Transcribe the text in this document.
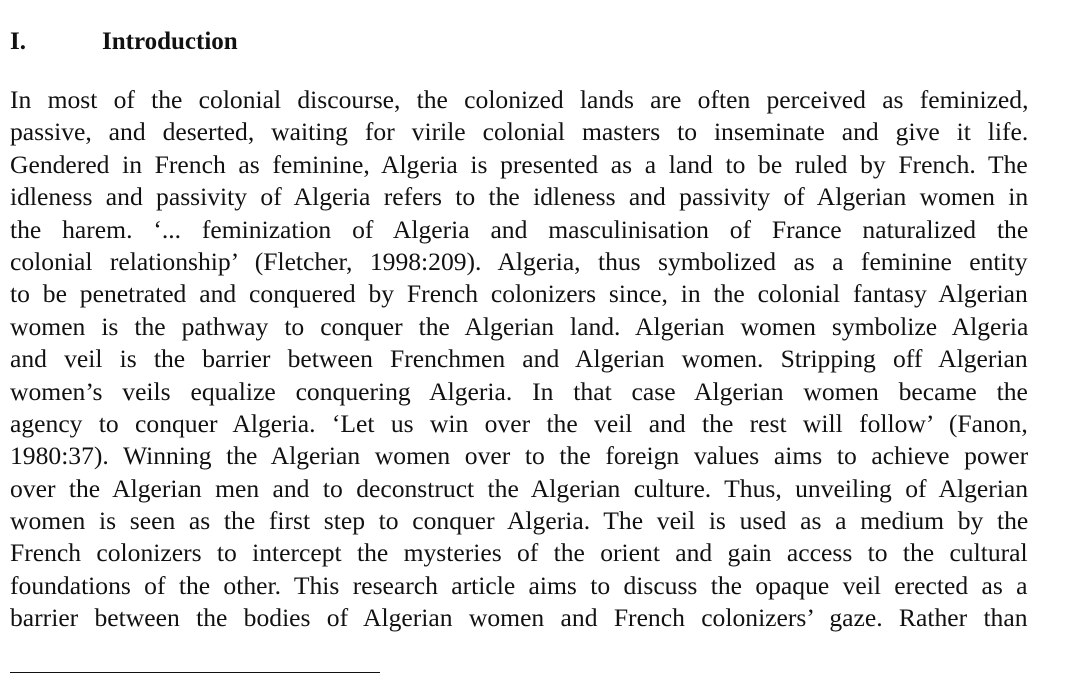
I.	Introduction
In most of the colonial discourse, the colonized lands are often perceived as feminized,
passive, and deserted, waiting for virile colonial masters to inseminate and give it life.
Gendered in French as feminine, Algeria is presented as a land to be ruled by French. The
idleness and passivity of Algeria refers to the idleness and passivity of Algerian women in
the harem. ‘... feminization of Algeria and masculinisation of France naturalized the
colonial relationship’ (Fletcher, 1998:209). Algeria, thus symbolized as a feminine entity
to be penetrated and conquered by French colonizers since, in the colonial fantasy Algerian
women is the pathway to conquer the Algerian land. Algerian women symbolize Algeria
and veil is the barrier between Frenchmen and Algerian women. Stripping off Algerian
women’s veils equalize conquering Algeria. In that case Algerian women became the
agency to conquer Algeria. ‘Let us win over the veil and the rest will follow’ (Fanon,
1980:37). Winning the Algerian women over to the foreign values aims to achieve power
over the Algerian men and to deconstruct the Algerian culture. Thus, unveiling of Algerian
women is seen as the first step to conquer Algeria. The veil is used as a medium by the
French colonizers to intercept the mysteries of the orient and gain access to the cultural
foundations of the other. This research article aims to discuss the opaque veil erected as a
barrier between the bodies of Algerian women and French colonizers’ gaze. Rather than
